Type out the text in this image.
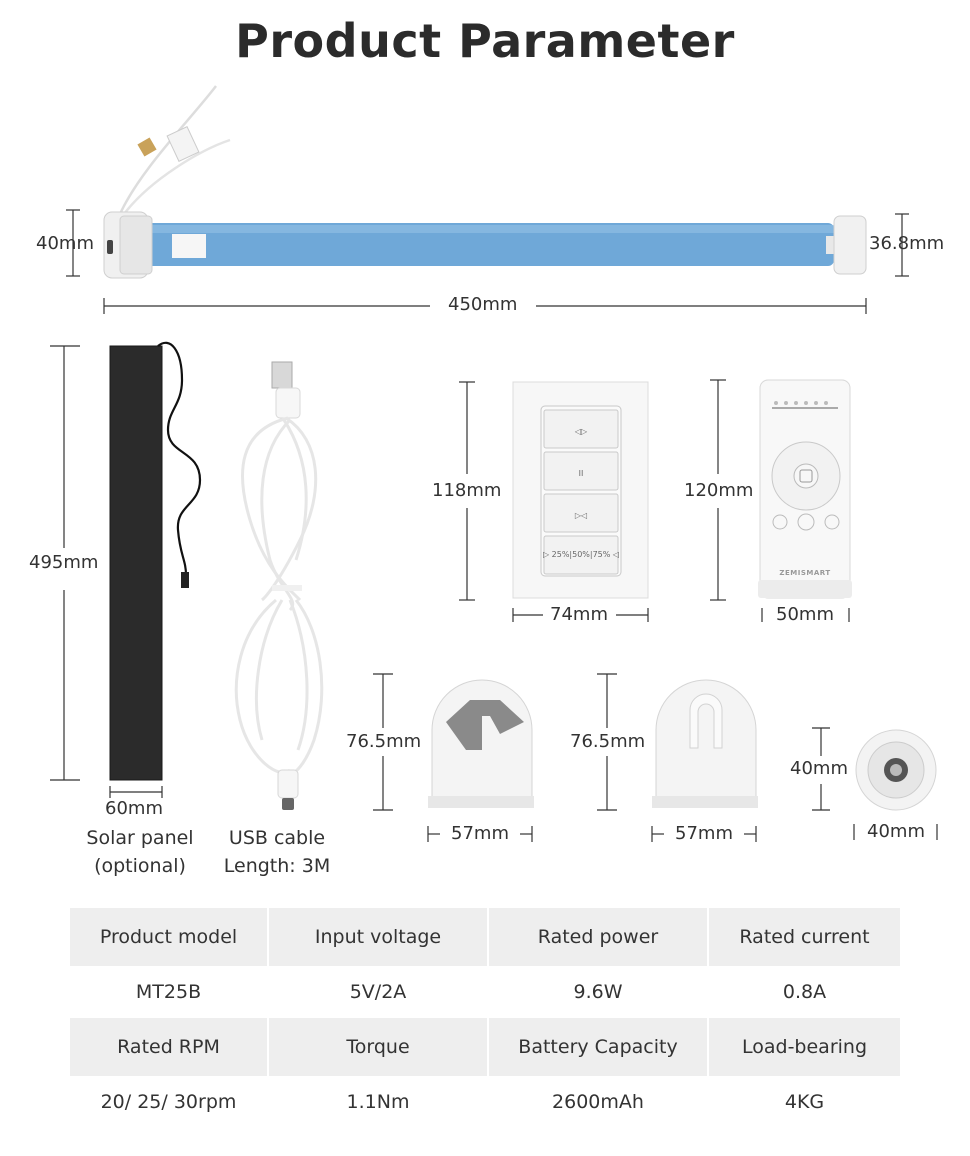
Product Parameter
◁▷
II
▷◁
▷ 25%|50%|75% ◁
40mm	36.8mm
450mm
495mm
60mm
118mm
74mm
120mm
50mm
76.5mm
57mm
76.5mm
57mm
40mm
40mm
ZEMISMART
Solar panel
(optional)
USB cable
Length: 3M
Product model	Input voltage	Rated power	Rated current
MT25B	5V/2A	9.6W	0.8A
Rated RPM	Torque	Battery Capacity	Load-bearing
20/ 25/ 30rpm	1.1Nm	2600mAh	4KG
